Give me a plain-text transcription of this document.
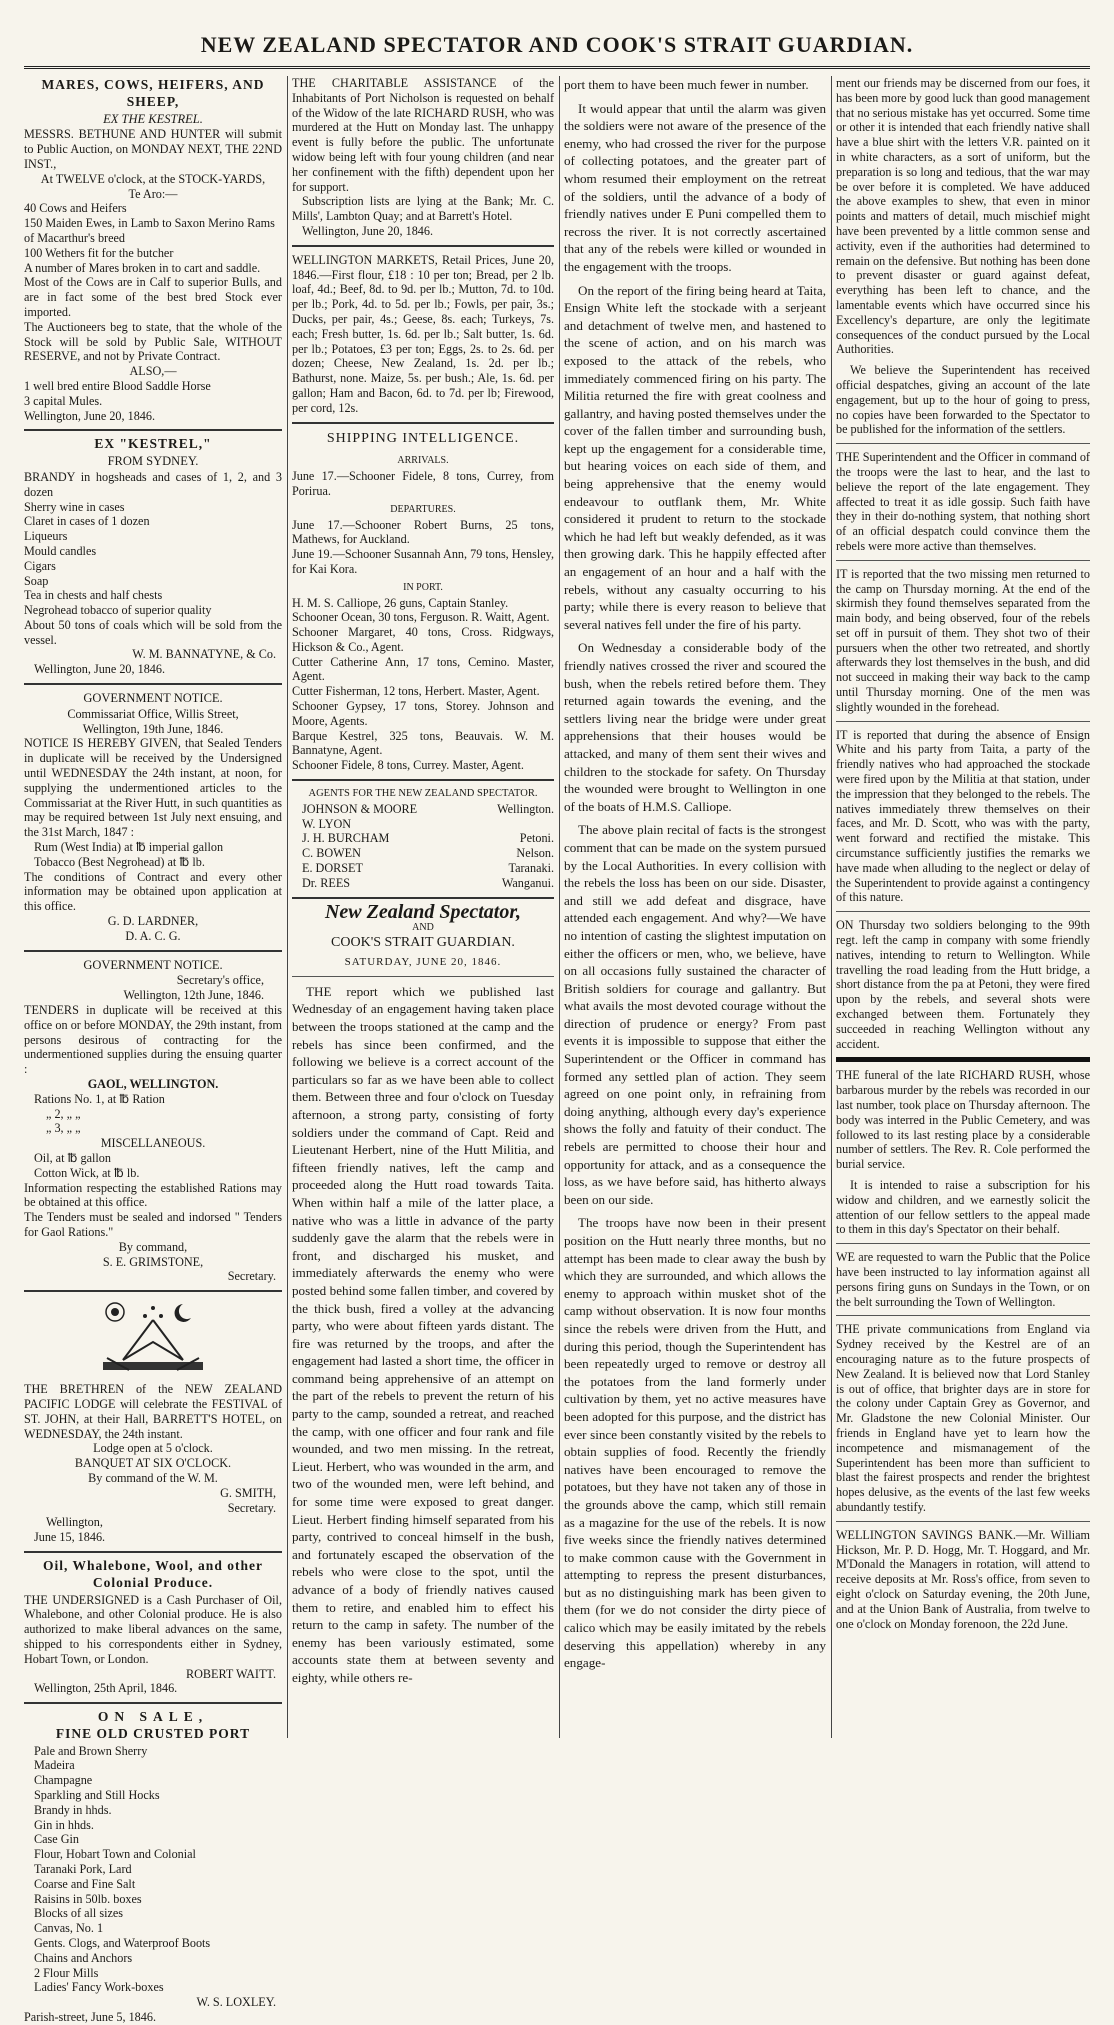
NEW ZEALAND SPECTATOR AND COOK'S STRAIT GUARDIAN.
MARES, COWS, HEIFERS, AND
SHEEP,
EX THE KESTREL.
MESSRS. BETHUNE AND HUNTER will submit to Public Auction, on MONDAY NEXT, THE 22ND INST.,
At TWELVE o'clock, at the STOCK-YARDS,
Te Aro:—
40 Cows and Heifers
150 Maiden Ewes, in Lamb to Saxon Merino Rams of Macarthur's breed
100 Wethers fit for the butcher
A number of Mares broken in to cart and saddle.
Most of the Cows are in Calf to superior Bulls, and are in fact some of the best bred Stock ever imported.
The Auctioneers beg to state, that the whole of the Stock will be sold by Public Sale, WITHOUT RESERVE, and not by Private Contract.
ALSO,—
1 well bred entire Blood Saddle Horse
3 capital Mules.
Wellington, June 20, 1846.
EX "KESTREL,"
FROM SYDNEY.
BRANDY in hogsheads and cases of 1, 2, and 3 dozen
Sherry wine in cases
Claret in cases of 1 dozen
Liqueurs
Mould candles
Cigars
Soap
Tea in chests and half chests
Negrohead tobacco of superior quality
About 50 tons of coals which will be sold from the vessel.
W. M. BANNATYNE, & Co.
Wellington, June 20, 1846.
GOVERNMENT NOTICE.
Commissariat Office, Willis Street,
Wellington, 19th June, 1846.
NOTICE IS HEREBY GIVEN, that Sealed Tenders in duplicate will be received by the Undersigned until WEDNESDAY the 24th instant, at noon, for supplying the undermentioned articles to the Commissariat at the River Hutt, in such quantities as may be required between 1st July next ensuing, and the 31st March, 1847 :
Rum (West India) at ℔ imperial gallon
Tobacco (Best Negrohead) at ℔ lb.
The conditions of Contract and every other information may be obtained upon application at this office.
G. D. LARDNER,
D. A. C. G.
GOVERNMENT NOTICE.
Secretary's office,
Wellington, 12th June, 1846.
TENDERS in duplicate will be received at this office on or before MONDAY, the 29th instant, from persons desirous of contracting for the undermentioned supplies during the ensuing quarter :
GAOL, WELLINGTON.
Rations No. 1, at ℔ Ration
„ 2, „ „
„ 3, „ „
MISCELLANEOUS.
Oil, at ℔ gallon
Cotton Wick, at ℔ lb.
Information respecting the established Rations may be obtained at this office.
The Tenders must be sealed and indorsed " Tenders for Gaol Rations."
By command,
S. E. GRIMSTONE,
Secretary.
THE BRETHREN of the NEW ZEALAND PACIFIC LODGE will celebrate the FESTIVAL of ST. JOHN, at their Hall, BARRETT'S HOTEL, on WEDNESDAY, the 24th instant.
Lodge open at 5 o'clock.
BANQUET AT SIX O'CLOCK.
By command of the W. M.
G. SMITH,
Secretary.
Wellington,
June 15, 1846.
Oil, Whalebone, Wool, and other
Colonial Produce.
THE UNDERSIGNED is a Cash Purchaser of Oil, Whalebone, and other Colonial produce. He is also authorized to make liberal advances on the same, shipped to his correspondents either in Sydney, Hobart Town, or London.
ROBERT WAITT.
Wellington, 25th April, 1846.
ON SALE,
FINE OLD CRUSTED PORT
Pale and Brown Sherry
Madeira
Champagne
Sparkling and Still Hocks
Brandy in hhds.
Gin in hhds.
Case Gin
Flour, Hobart Town and Colonial
Taranaki Pork, Lard
Coarse and Fine Salt
Raisins in 50lb. boxes
Blocks of all sizes
Canvas, No. 1
Gents. Clogs, and Waterproof Boots
Chains and Anchors
2 Flour Mills
Ladies' Fancy Work-boxes
W. S. LOXLEY.
Parish-street, June 5, 1846.
THE CHARITABLE ASSISTANCE of the Inhabitants of Port Nicholson is requested on behalf of the Widow of the late RICHARD RUSH, who was murdered at the Hutt on Monday last. The unhappy event is fully before the public. The unfortunate widow being left with four young children (and near her confinement with the fifth) dependent upon her for support.
Subscription lists are lying at the Bank; Mr. C. Mills', Lambton Quay; and at Barrett's Hotel.
Wellington, June 20, 1846.
WELLINGTON MARKETS, Retail Prices, June 20, 1846.—First flour, £18 : 10 per ton; Bread, per 2 lb. loaf, 4d.; Beef, 8d. to 9d. per lb.; Mutton, 7d. to 10d. per lb.; Pork, 4d. to 5d. per lb.; Fowls, per pair, 3s.; Ducks, per pair, 4s.; Geese, 8s. each; Turkeys, 7s. each; Fresh butter, 1s. 6d. per lb.; Salt butter, 1s. 6d. per lb.; Potatoes, £3 per ton; Eggs, 2s. to 2s. 6d. per dozen; Cheese, New Zealand, 1s. 2d. per lb.; Bathurst, none. Maize, 5s. per bush.; Ale, 1s. 6d. per gallon; Ham and Bacon, 6d. to 7d. per lb; Firewood, per cord, 12s.
SHIPPING INTELLIGENCE.
ARRIVALS.
June 17.—Schooner Fidele, 8 tons, Currey, from Porirua.
DEPARTURES.
June 17.—Schooner Robert Burns, 25 tons, Mathews, for Auckland.
June 19.—Schooner Susannah Ann, 79 tons, Hensley, for Kai Kora.
IN PORT.
H. M. S. Calliope, 26 guns, Captain Stanley.
Schooner Ocean, 30 tons, Ferguson. R. Waitt, Agent.
Schooner Margaret, 40 tons, Cross. Ridgways, Hickson & Co., Agent.
Cutter Catherine Ann, 17 tons, Cemino. Master, Agent.
Cutter Fisherman, 12 tons, Herbert. Master, Agent.
Schooner Gypsey, 17 tons, Storey. Johnson and Moore, Agents.
Barque Kestrel, 325 tons, Beauvais. W. M. Bannatyne, Agent.
Schooner Fidele, 8 tons, Currey. Master, Agent.
AGENTS FOR THE NEW ZEALAND SPECTATOR.
JOHNSON & MOORE	Wellington.
W. LYON
J. H. BURCHAM	Petoni.
C. BOWEN	Nelson.
E. DORSET	Taranaki.
Dr. REES	Wanganui.
New Zealand Spectator,
AND
COOK'S STRAIT GUARDIAN.
SATURDAY, JUNE 20, 1846.
THE report which we published last Wednesday of an engagement having taken place between the troops stationed at the camp and the rebels has since been confirmed, and the following we believe is a correct account of the particulars so far as we have been able to collect them. Between three and four o'clock on Tuesday afternoon, a strong party, consisting of forty soldiers under the command of Capt. Reid and Lieutenant Herbert, nine of the Hutt Militia, and fifteen friendly natives, left the camp and proceeded along the Hutt road towards Taita. When within half a mile of the latter place, a native who was a little in advance of the party suddenly gave the alarm that the rebels were in front, and discharged his musket, and immediately afterwards the enemy who were posted behind some fallen timber, and covered by the thick bush, fired a volley at the advancing party, who were about fifteen yards distant. The fire was returned by the troops, and after the engagement had lasted a short time, the officer in command being apprehensive of an attempt on the part of the rebels to prevent the return of his party to the camp, sounded a retreat, and reached the camp, with one officer and four rank and file wounded, and two men missing. In the retreat, Lieut. Herbert, who was wounded in the arm, and two of the wounded men, were left behind, and for some time were exposed to great danger. Lieut. Herbert finding himself separated from his party, contrived to conceal himself in the bush, and fortunately escaped the observation of the rebels who were close to the spot, until the advance of a body of friendly natives caused them to retire, and enabled him to effect his return to the camp in safety. The number of the enemy has been variously estimated, some accounts state them at between seventy and eighty, while others re-
port them to have been much fewer in number.
It would appear that until the alarm was given the soldiers were not aware of the presence of the enemy, who had crossed the river for the purpose of collecting potatoes, and the greater part of whom resumed their employment on the retreat of the soldiers, until the advance of a body of friendly natives under E Puni compelled them to recross the river. It is not correctly ascertained that any of the rebels were killed or wounded in the engagement with the troops.
On the report of the firing being heard at Taita, Ensign White left the stockade with a serjeant and detachment of twelve men, and hastened to the scene of action, and on his march was exposed to the attack of the rebels, who immediately commenced firing on his party. The Militia returned the fire with great coolness and gallantry, and having posted themselves under the cover of the fallen timber and surrounding bush, kept up the engagement for a considerable time, but hearing voices on each side of them, and being apprehensive that the enemy would endeavour to outflank them, Mr. White considered it prudent to return to the stockade which he had left but weakly defended, as it was then growing dark. This he happily effected after an engagement of an hour and a half with the rebels, without any casualty occurring to his party; while there is every reason to believe that several natives fell under the fire of his party.
On Wednesday a considerable body of the friendly natives crossed the river and scoured the bush, when the rebels retired before them. They returned again towards the evening, and the settlers living near the bridge were under great apprehensions that their houses would be attacked, and many of them sent their wives and children to the stockade for safety. On Thursday the wounded were brought to Wellington in one of the boats of H.M.S. Calliope.
The above plain recital of facts is the strongest comment that can be made on the system pursued by the Local Authorities. In every collision with the rebels the loss has been on our side. Disaster, and still we add defeat and disgrace, have attended each engagement. And why?—We have no intention of casting the slightest imputation on either the officers or men, who, we believe, have on all occasions fully sustained the character of British soldiers for courage and gallantry. But what avails the most devoted courage without the direction of prudence or energy? From past events it is impossible to suppose that either the Superintendent or the Officer in command has formed any settled plan of action. They seem agreed on one point only, in refraining from doing anything, although every day's experience shows the folly and fatuity of their conduct. The rebels are permitted to choose their hour and opportunity for attack, and as a consequence the loss, as we have before said, has hitherto always been on our side.
The troops have now been in their present position on the Hutt nearly three months, but no attempt has been made to clear away the bush by which they are surrounded, and which allows the enemy to approach within musket shot of the camp without observation. It is now four months since the rebels were driven from the Hutt, and during this period, though the Superintendent has been repeatedly urged to remove or destroy all the potatoes from the land formerly under cultivation by them, yet no active measures have been adopted for this purpose, and the district has ever since been constantly visited by the rebels to obtain supplies of food. Recently the friendly natives have been encouraged to remove the potatoes, but they have not taken any of those in the grounds above the camp, which still remain as a magazine for the use of the rebels. It is now five weeks since the friendly natives determined to make common cause with the Government in attempting to repress the present disturbances, but as no distinguishing mark has been given to them (for we do not consider the dirty piece of calico which may be easily imitated by the rebels deserving this appellation) whereby in any engage-
ment our friends may be discerned from our foes, it has been more by good luck than good management that no serious mistake has yet occurred. Some time or other it is intended that each friendly native shall have a blue shirt with the letters V.R. painted on it in white characters, as a sort of uniform, but the preparation is so long and tedious, that the war may be over before it is completed. We have adduced the above examples to shew, that even in minor points and matters of detail, much mischief might have been prevented by a little common sense and activity, even if the authorities had determined to remain on the defensive. But nothing has been done to prevent disaster or guard against defeat, everything has been left to chance, and the lamentable events which have occurred since his Excellency's departure, are only the legitimate consequences of the conduct pursued by the Local Authorities.
We believe the Superintendent has received official despatches, giving an account of the late engagement, but up to the hour of going to press, no copies have been forwarded to the Spectator to be published for the information of the settlers.
THE Superintendent and the Officer in command of the troops were the last to hear, and the last to believe the report of the late engagement. They affected to treat it as idle gossip. Such faith have they in their do-nothing system, that nothing short of an official despatch could convince them the rebels were more active than themselves.
IT is reported that the two missing men returned to the camp on Thursday morning. At the end of the skirmish they found themselves separated from the main body, and being observed, four of the rebels set off in pursuit of them. They shot two of their pursuers when the other two retreated, and shortly afterwards they lost themselves in the bush, and did not succeed in making their way back to the camp until Thursday morning. One of the men was slightly wounded in the forehead.
IT is reported that during the absence of Ensign White and his party from Taita, a party of the friendly natives who had approached the stockade were fired upon by the Militia at that station, under the impression that they belonged to the rebels. The natives immediately threw themselves on their faces, and Mr. D. Scott, who was with the party, went forward and rectified the mistake. This circumstance sufficiently justifies the remarks we have made when alluding to the neglect or delay of the Superintendent to provide against a contingency of this nature.
ON Thursday two soldiers belonging to the 99th regt. left the camp in company with some friendly natives, intending to return to Wellington. While travelling the road leading from the Hutt bridge, a short distance from the pa at Petoni, they were fired upon by the rebels, and several shots were exchanged between them. Fortunately they succeeded in reaching Wellington without any accident.
THE funeral of the late RICHARD RUSH, whose barbarous murder by the rebels was recorded in our last number, took place on Thursday afternoon. The body was interred in the Public Cemetery, and was followed to its last resting place by a considerable number of settlers. The Rev. R. Cole performed the burial service.
It is intended to raise a subscription for his widow and children, and we earnestly solicit the attention of our fellow settlers to the appeal made to them in this day's Spectator on their behalf.
WE are requested to warn the Public that the Police have been instructed to lay information against all persons firing guns on Sundays in the Town, or on the belt surrounding the Town of Wellington.
THE private communications from England via Sydney received by the Kestrel are of an encouraging nature as to the future prospects of New Zealand. It is believed now that Lord Stanley is out of office, that brighter days are in store for the colony under Captain Grey as Governor, and Mr. Gladstone the new Colonial Minister. Our friends in England have yet to learn how the incompetence and mismanagement of the Superintendent has been more than sufficient to blast the fairest prospects and render the brightest hopes delusive, as the events of the last few weeks abundantly testify.
WELLINGTON SAVINGS BANK.—Mr. William Hickson, Mr. P. D. Hogg, Mr. T. Hoggard, and Mr. M'Donald the Managers in rotation, will attend to receive deposits at Mr. Ross's office, from seven to eight o'clock on Saturday evening, the 20th June, and at the Union Bank of Australia, from twelve to one o'clock on Monday forenoon, the 22d June.
